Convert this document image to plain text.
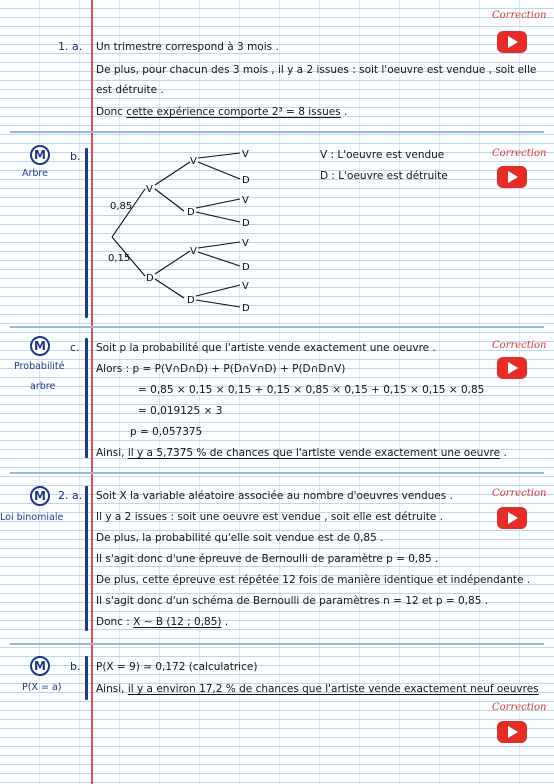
1. a. Un trimestre correspond à 3 mois .
De plus, pour chacun des 3 mois , il y a 2 issues : soit l'oeuvre est vendue , soit elle
est détruite .
Donc cette expérience comporte 2³ = 8 issues .
Correction
M
Arbre
b.
0,85
0,15
V
D
V
D
V
D
V
D
V
D
V
D
V
D
V : L'oeuvre est vendue
D : L'oeuvre est détruite
Correction
M
Probabilité
arbre
c. Soit p la probabilité que l'artiste vende exactement une oeuvre .
Alors : p = P(V∩D∩D) + P(D∩V∩D) + P(D∩D∩V)
= 0,85 × 0,15 × 0,15 + 0,15 × 0,85 × 0,15 + 0,15 × 0,15 × 0,85
= 0,019125 × 3
p = 0,057375
Ainsi, il y a 5,7375 % de chances que l'artiste vende exactement une oeuvre .
Correction
M
Loi binomiale
2. a. Soit X la variable aléatoire associée au nombre d'oeuvres vendues .
Il y a 2 issues : soit une oeuvre est vendue , soit elle est détruite .
De plus, la probabilité qu'elle soit vendue est de 0,85 .
Il s'agit donc d'une épreuve de Bernoulli de paramètre p = 0,85 .
De plus, cette épreuve est répétée 12 fois de manière identique et indépendante .
Il s'agit donc d'un schéma de Bernoulli de paramètres n = 12 et p = 0,85 .
Donc : X ∼ B (12 ; 0,85) .
Correction
M
P(X = a)
b. P(X = 9) ≃ 0,172 (calculatrice)
Ainsi, il y a environ 17,2 % de chances que l'artiste vende exactement neuf oeuvres
Correction
